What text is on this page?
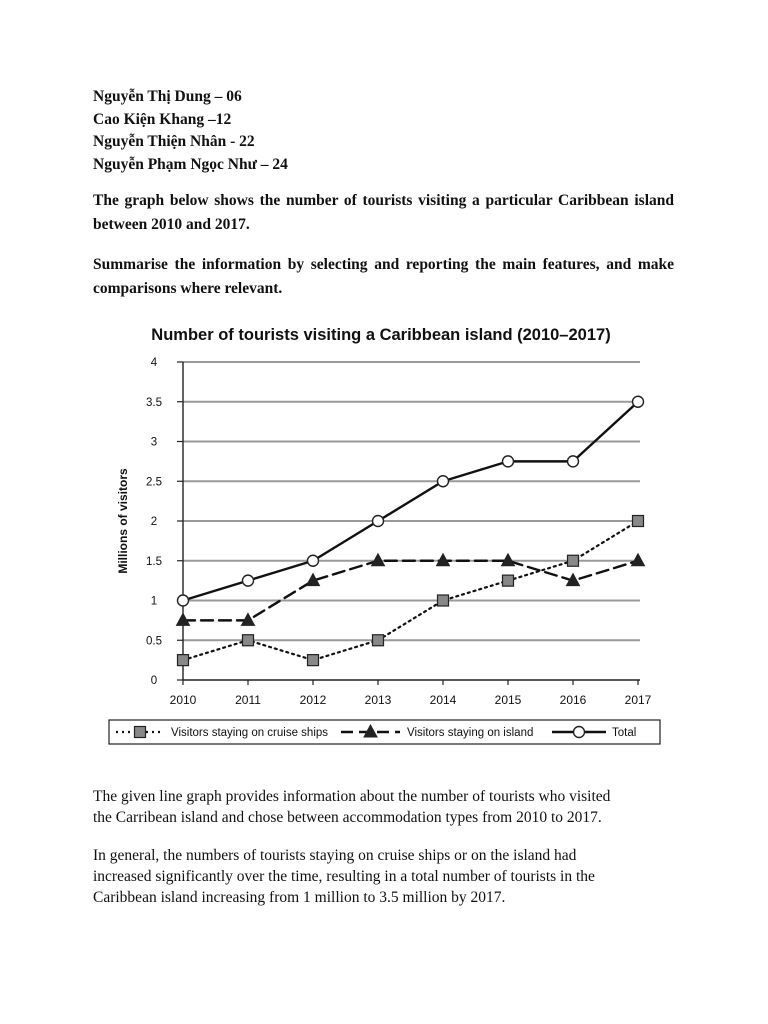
Nguyễn Thị Dung – 06
Cao Kiện Khang –12
Nguyễn Thiện Nhân - 22
Nguyễn Phạm Ngọc Như – 24
The graph below shows the number of tourists visiting a particular Caribbean island between 2010 and 2017.
Summarise the information by selecting and reporting the main features, and make comparisons where relevant.
Number of tourists visiting a Caribbean island (2010–2017)
0
0.5
1
1.5
2
2.5
3
3.5
4
2010	2011	2012	2013	2014	2015	2016	2017
Millions of visitors
Visitors staying on cruise ships	Visitors staying on island	Total
The given line graph provides information about the number of tourists who visited
the Carribean island and chose between accommodation types from 2010 to 2017.
In general, the numbers of tourists staying on cruise ships or on the island had
increased significantly over the time, resulting in a total number of tourists in the
Caribbean island increasing from 1 million to 3.5 million by 2017.
